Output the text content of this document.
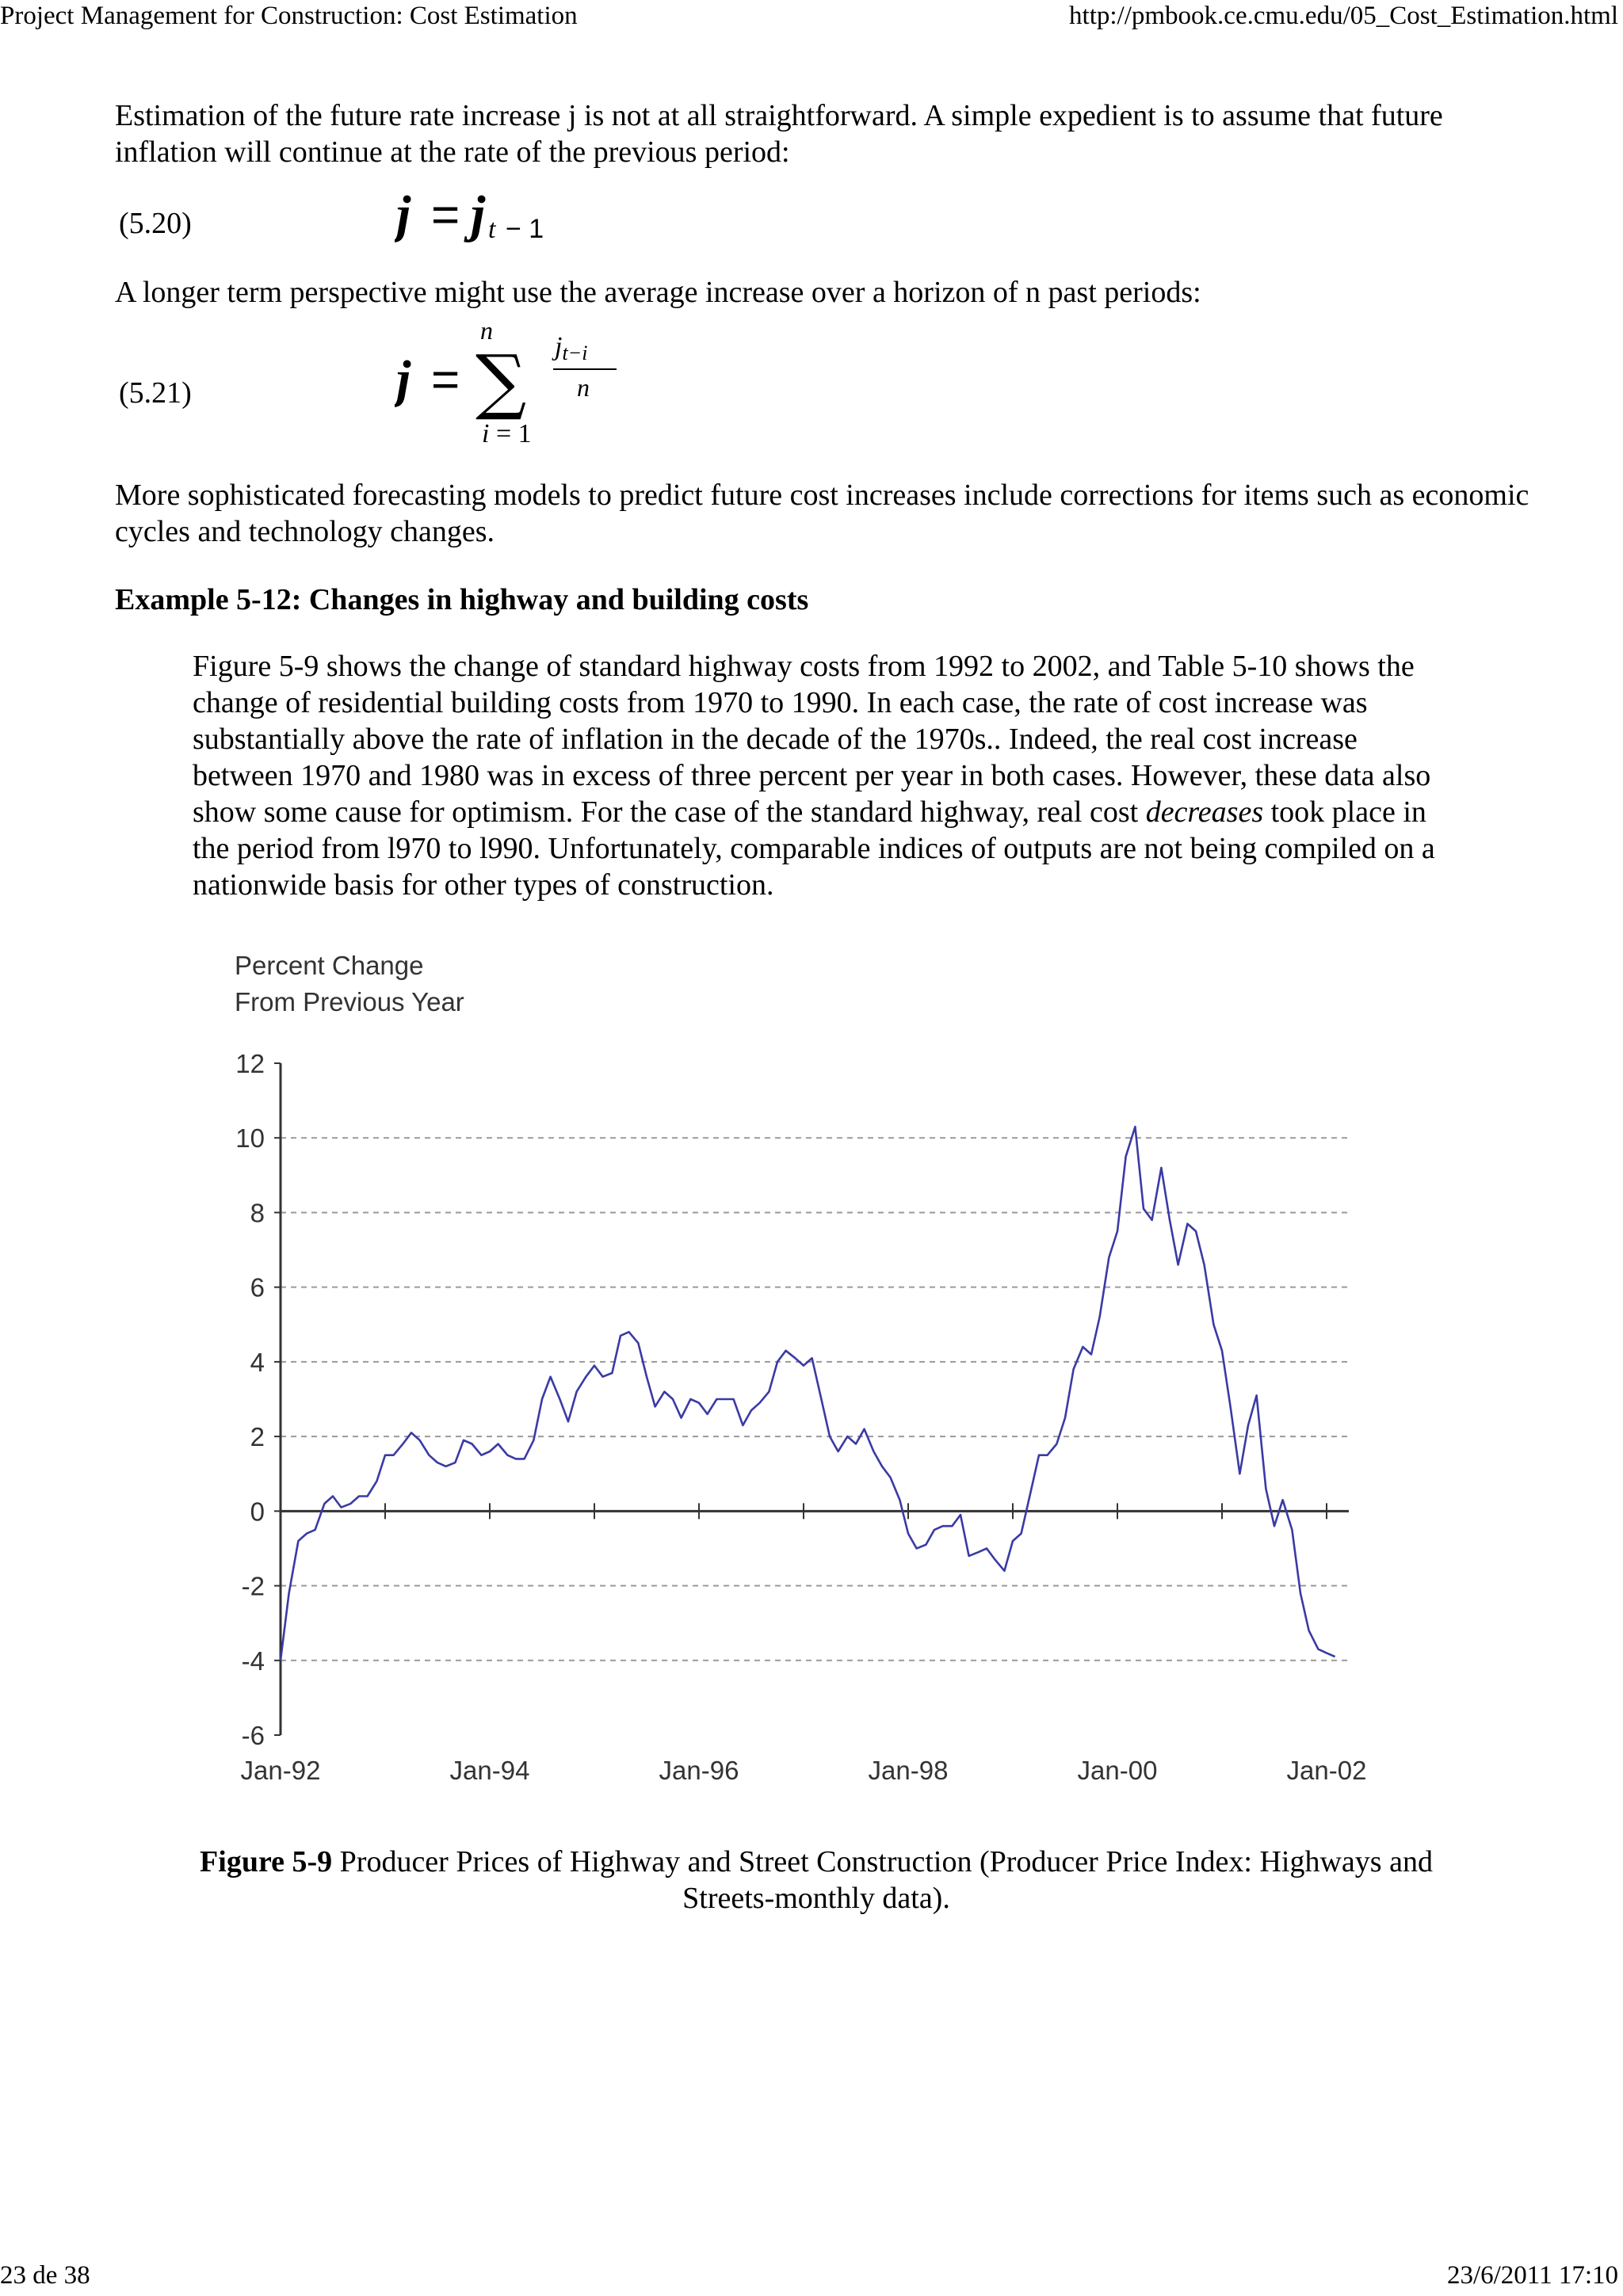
Project Management for Construction: Cost Estimation	http://pmbook.ce.cmu.edu/05_Cost_Estimation.html
Estimation of the future rate increase j is not at all straightforward. A simple expedient is to assume that future inflation will continue at the rate of the previous period:
(5.20)	j = j t − 1
A longer term perspective might use the average increase over a horizon of n past periods:
(5.21)	j =
n
∑
i = 1
jt−i
n
More sophisticated forecasting models to predict future cost increases include corrections for items such as economic cycles and technology changes.
Example 5-12: Changes in highway and building costs
Figure 5-9 shows the change of standard highway costs from 1992 to 2002, and Table 5-10 shows the change of residential building costs from 1970 to 1990. In each case, the rate of cost increase was substantially above the rate of inflation in the decade of the 1970s.. Indeed, the real cost increase between 1970 and 1980 was in excess of three percent per year in both cases. However, these data also show some cause for optimism. For the case of the standard highway, real cost decreases took place in the period from l970 to l990. Unfortunately, comparable indices of outputs are not being compiled on a nationwide basis for other types of construction.
Percent Change
From Previous Year
12
10
8
6
4
2
0
-2
-4
-6
Jan-92	Jan-94	Jan-96	Jan-98	Jan-00	Jan-02
Figure 5-9 Producer Prices of Highway and Street Construction (Producer Price Index: Highways and Streets-monthly data).
23 de 38	23/6/2011 17:10
